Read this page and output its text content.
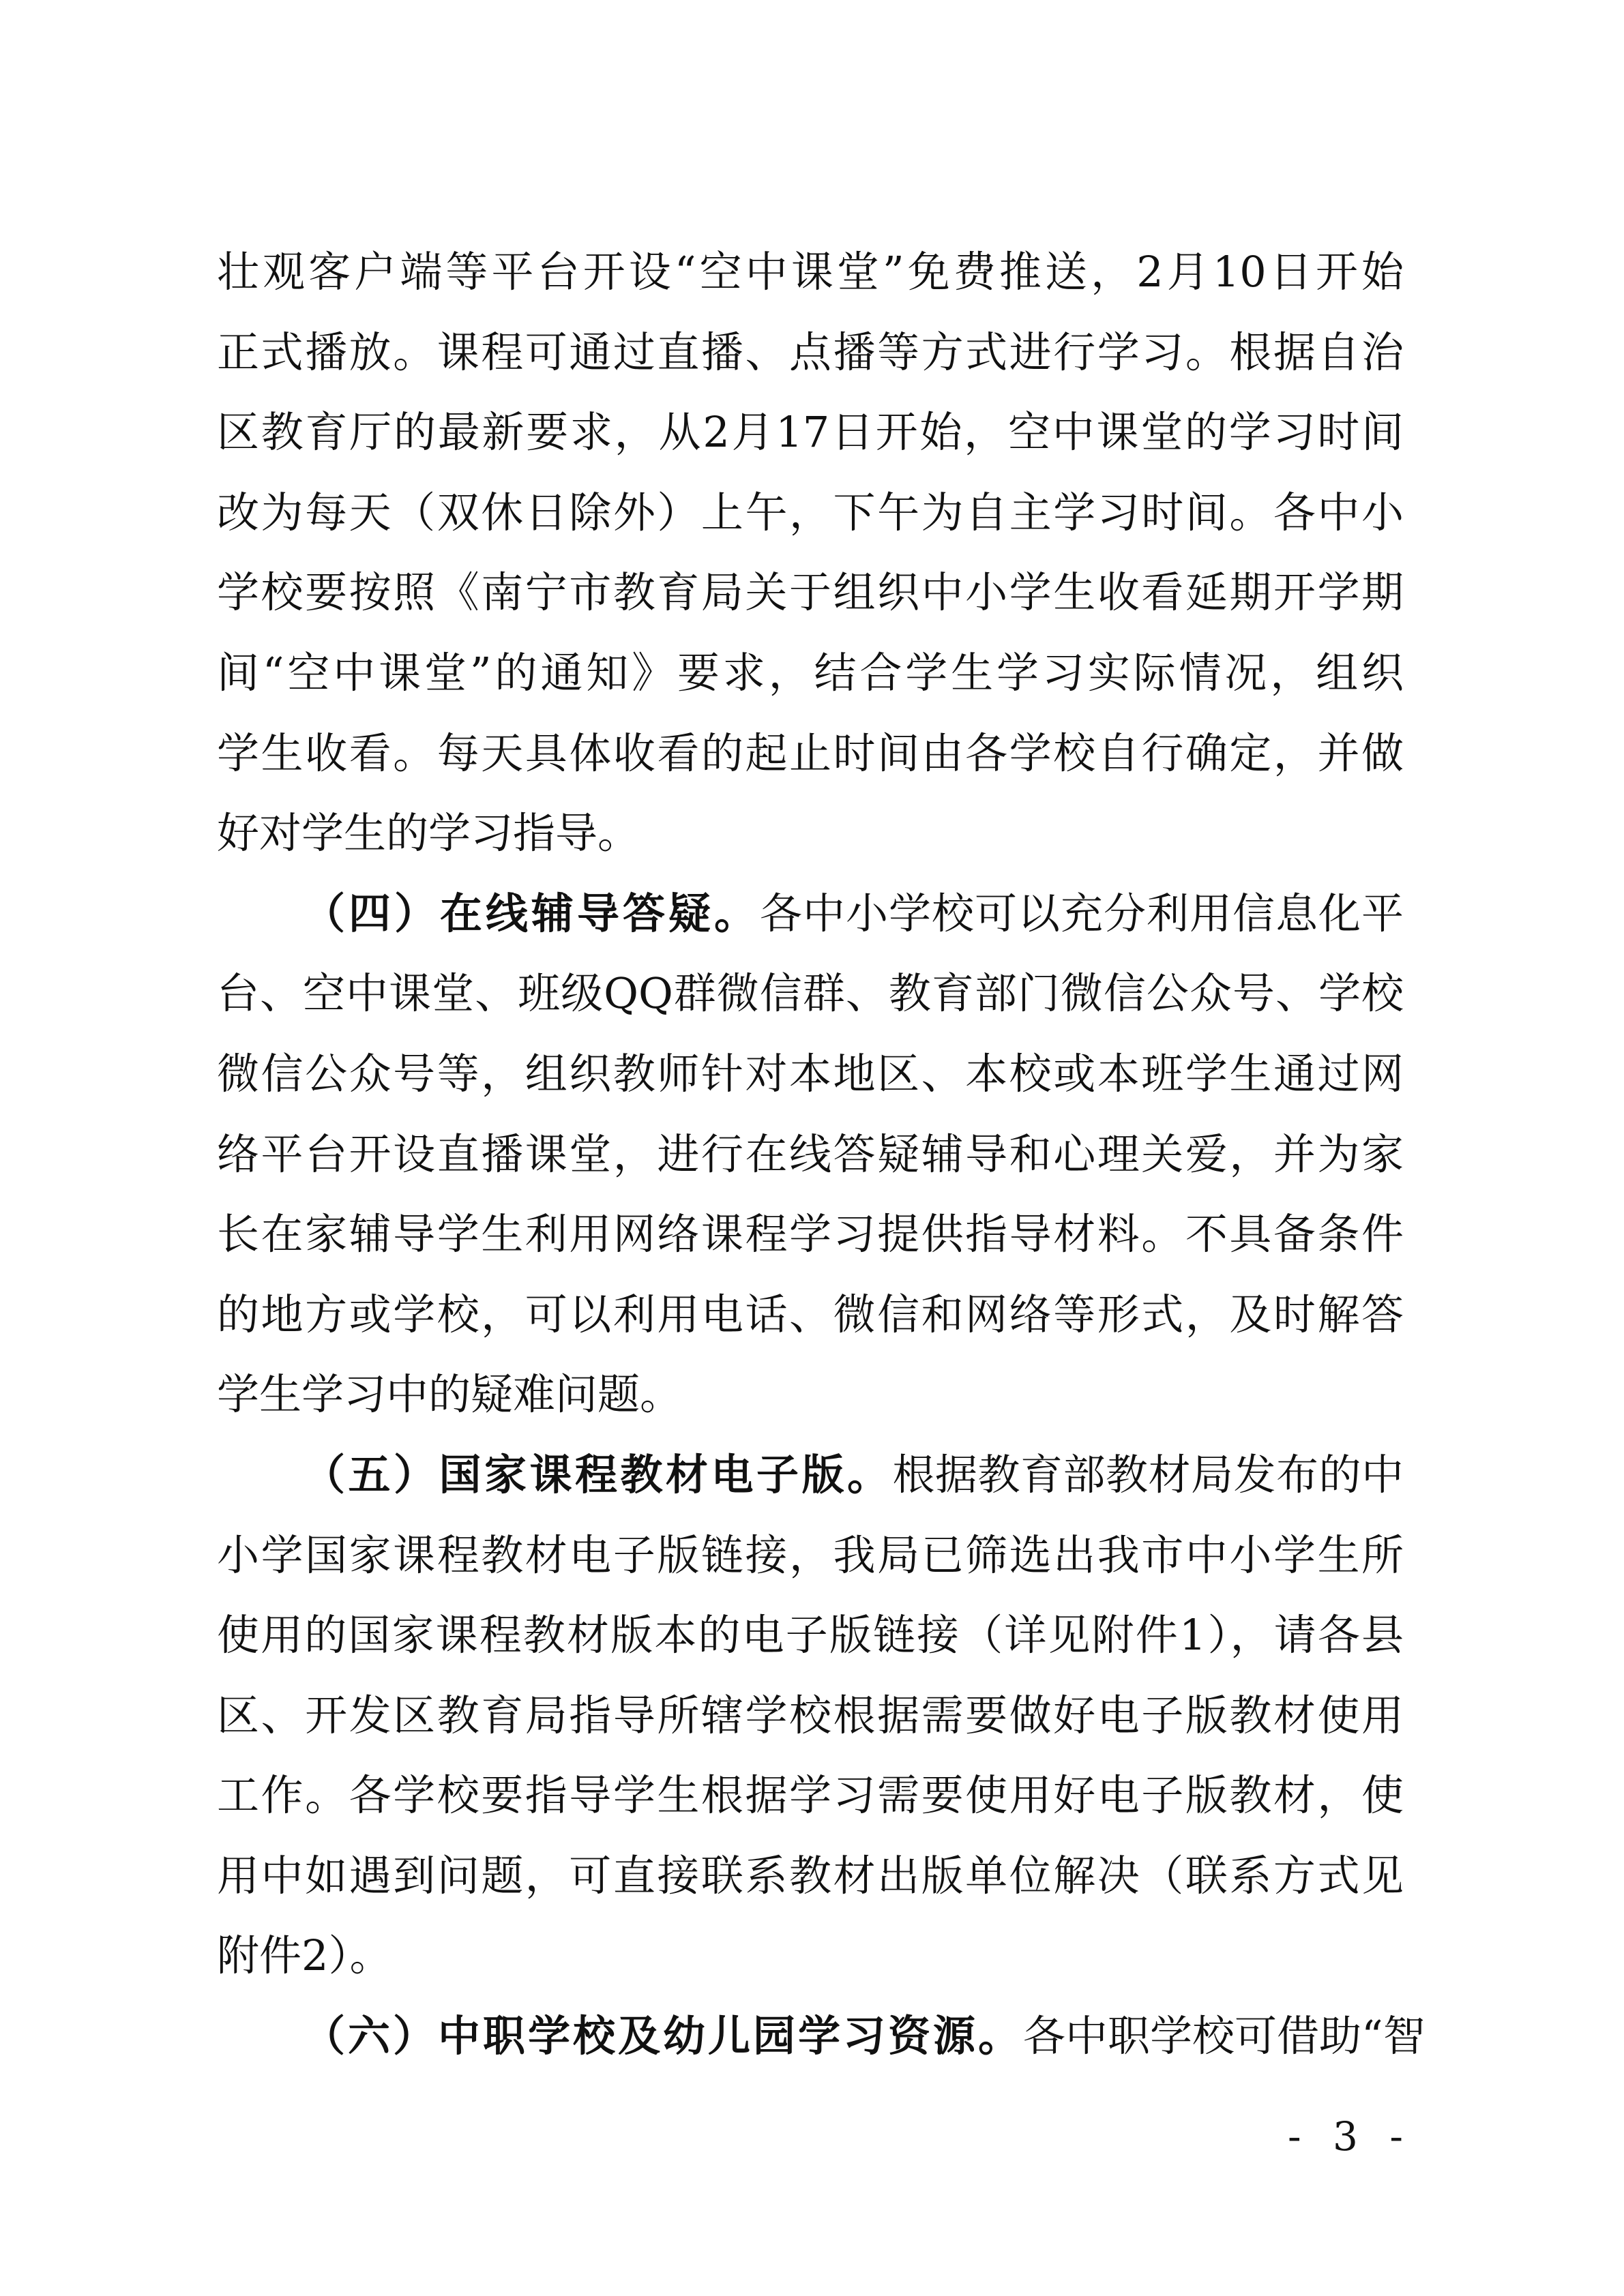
壮观客户端等平台开设“空中课堂”免费推送，2月10日开始
正式播放。课程可通过直播、点播等方式进行学习。根据自治
区教育厅的最新要求，从2月17日开始，空中课堂的学习时间
改为每天（双休日除外）上午，下午为自主学习时间。各中小
学校要按照《南宁市教育局关于组织中小学生收看延期开学期
间“空中课堂”的通知》要求，结合学生学习实际情况，组织
学生收看。每天具体收看的起止时间由各学校自行确定，并做
好对学生的学习指导。
（四）在线辅导答疑。各中小学校可以充分利用信息化平
台、空中课堂、班级QQ群微信群、教育部门微信公众号、学校
微信公众号等，组织教师针对本地区、本校或本班学生通过网
络平台开设直播课堂，进行在线答疑辅导和心理关爱，并为家
长在家辅导学生利用网络课程学习提供指导材料。不具备条件
的地方或学校，可以利用电话、微信和网络等形式，及时解答
学生学习中的疑难问题。
（五）国家课程教材电子版。根据教育部教材局发布的中
小学国家课程教材电子版链接，我局已筛选出我市中小学生所
使用的国家课程教材版本的电子版链接（详见附件1），请各县
区、开发区教育局指导所辖学校根据需要做好电子版教材使用
工作。各学校要指导学生根据学习需要使用好电子版教材，使
用中如遇到问题，可直接联系教材出版单位解决（联系方式见
附件2）。
（六）中职学校及幼儿园学习资源。各中职学校可借助“智
- 3 -
